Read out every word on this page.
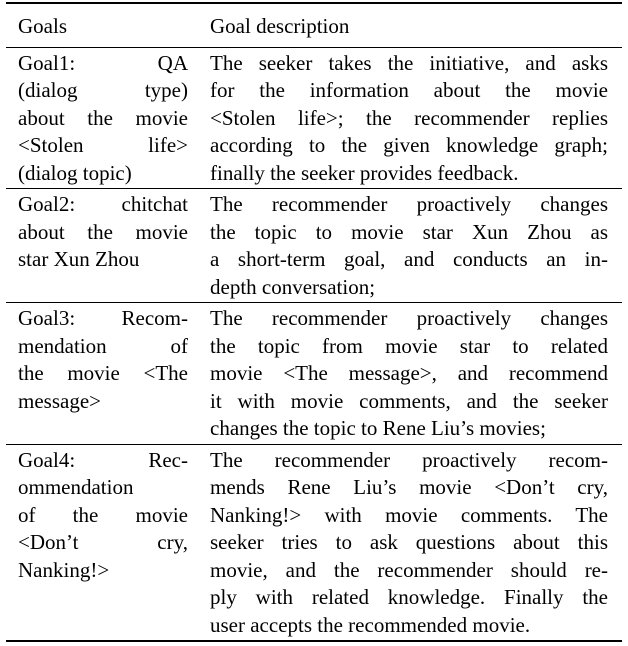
Goals	Goal description
Goal1: QA
(dialog type)
about the movie
<Stolen life>
(dialog topic)
The seeker takes the initiative, and asks
for the information about the movie
<Stolen life>; the recommender replies
according to the given knowledge graph;
finally the seeker provides feedback.
Goal2: chitchat
about the movie
star Xun Zhou
The recommender proactively changes
the topic to movie star Xun Zhou as
a short-term goal, and conducts an in-
depth conversation;
Goal3: Recom-
mendation of
the movie <The
message>
The recommender proactively changes
the topic from movie star to related
movie <The message>, and recommend
it with movie comments, and the seeker
changes the topic to Rene Liu’s movies;
Goal4: Rec-
ommendation
of the movie
<Don’t cry,
Nanking!>
The recommender proactively recom-
mends Rene Liu’s movie <Don’t cry,
Nanking!> with movie comments. The
seeker tries to ask questions about this
movie, and the recommender should re-
ply with related knowledge. Finally the
user accepts the recommended movie.
